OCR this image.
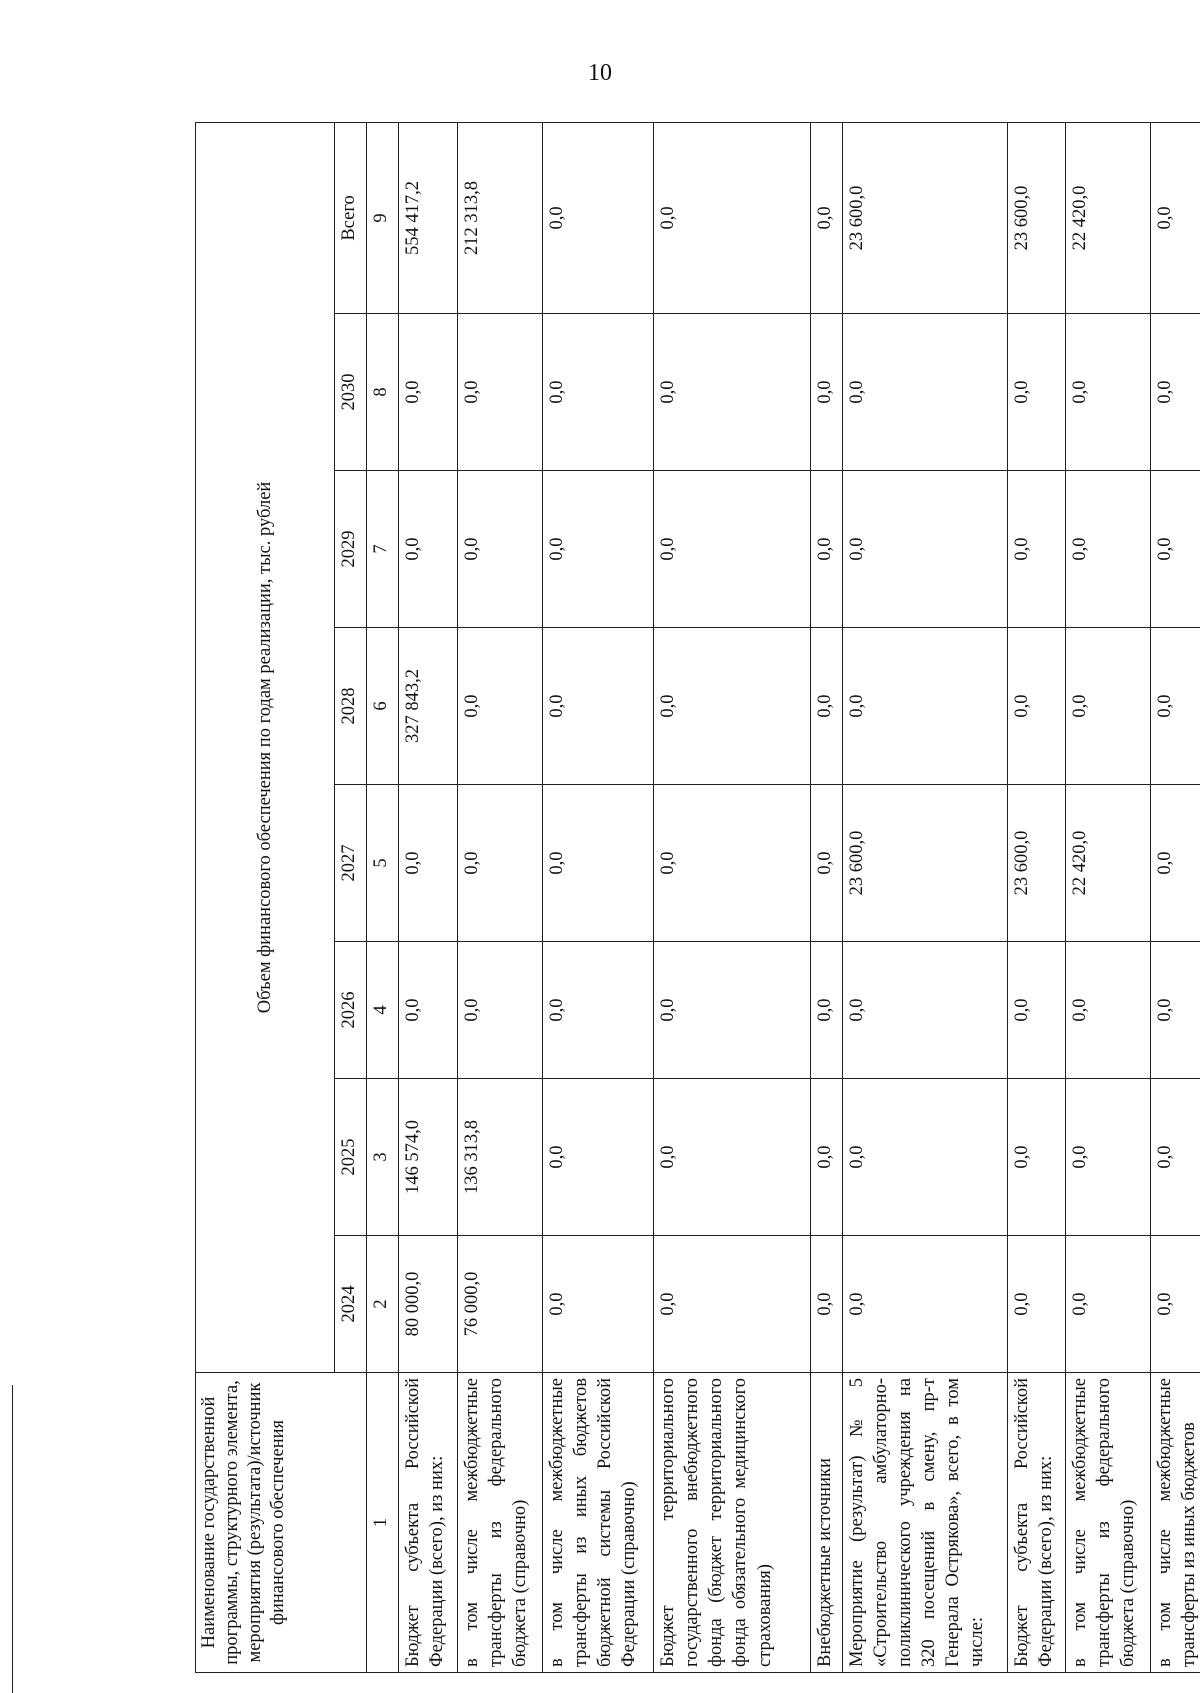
10
Наименование государственной программы, структурного элемента, мероприятия (результата)/источник финансового обеспечения	Объем финансового обеспечения по годам реализации, тыс. рублей							
	2024	2025	2026	2027	2028	2029	2030	Всего
1	2	3	4	5	6	7	8	9
Бюджет субъекта Российской Федерации (всего), из них:	80 000,0	146 574,0	0,0	0,0	327 843,2	0,0	0,0	554 417,2
в том числе межбюджетные трансферты из федерального бюджета (справочно)	76 000,0	136 313,8	0,0	0,0	0,0	0,0	0,0	212 313,8
в том числе межбюджетные трансферты из иных бюджетов бюджетной системы Российской Федерации (справочно)	0,0	0,0	0,0	0,0	0,0	0,0	0,0	0,0
Бюджет территориального государственного внебюджетного фонда (бюджет территориального фонда обязательного медицинского страхования)	0,0	0,0	0,0	0,0	0,0	0,0	0,0	0,0
Внебюджетные источники	0,0	0,0	0,0	0,0	0,0	0,0	0,0	0,0
Мероприятие (результат) № 5 «Строительство амбулаторно-поликлинического учреждения на 320 посещений в смену, пр-т Генерала Острякова», всего, в том числе:	0,0	0,0	0,0	23 600,0	0,0	0,0	0,0	23 600,0
Бюджет субъекта Российской Федерации (всего), из них:	0,0	0,0	0,0	23 600,0	0,0	0,0	0,0	23 600,0
в том числе межбюджетные трансферты из федерального бюджета (справочно)	0,0	0,0	0,0	22 420,0	0,0	0,0	0,0	22 420,0
в том числе межбюджетные трансферты из иных бюджетов	0,0	0,0	0,0	0,0	0,0	0,0	0,0	0,0
